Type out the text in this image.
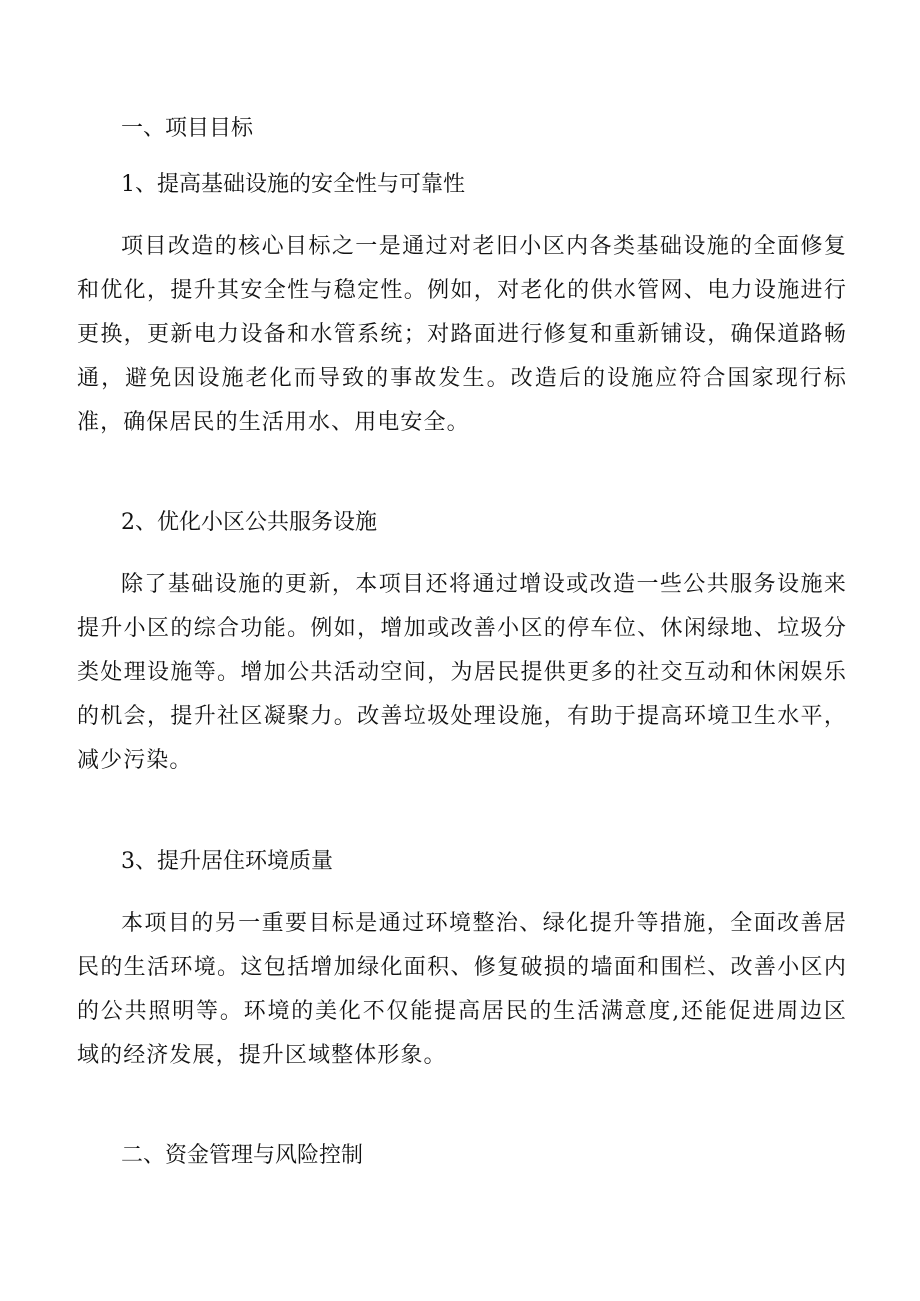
一、项目目标
1、提高基础设施的安全性与可靠性
项目改造的核心目标之一是通过对老旧小区内各类基础设施的全面修复和优化，提升其安全性与稳定性。例如，对老化的供水管网、电力设施进行更换，更新电力设备和水管系统；对路面进行修复和重新铺设，确保道路畅通，避免因设施老化而导致的事故发生。改造后的设施应符合国家现行标准，确保居民的生活用水、用电安全。
2、优化小区公共服务设施
除了基础设施的更新，本项目还将通过增设或改造一些公共服务设施来提升小区的综合功能。例如，增加或改善小区的停车位、休闲绿地、垃圾分类处理设施等。增加公共活动空间，为居民提供更多的社交互动和休闲娱乐的机会，提升社区凝聚力。改善垃圾处理设施，有助于提高环境卫生水平，减少污染。
3、提升居住环境质量
本项目的另一重要目标是通过环境整治、绿化提升等措施，全面改善居民的生活环境。这包括增加绿化面积、修复破损的墙面和围栏、改善小区内的公共照明等。环境的美化不仅能提高居民的生活满意度,还能促进周边区域的经济发展，提升区域整体形象。
二、资金管理与风险控制
